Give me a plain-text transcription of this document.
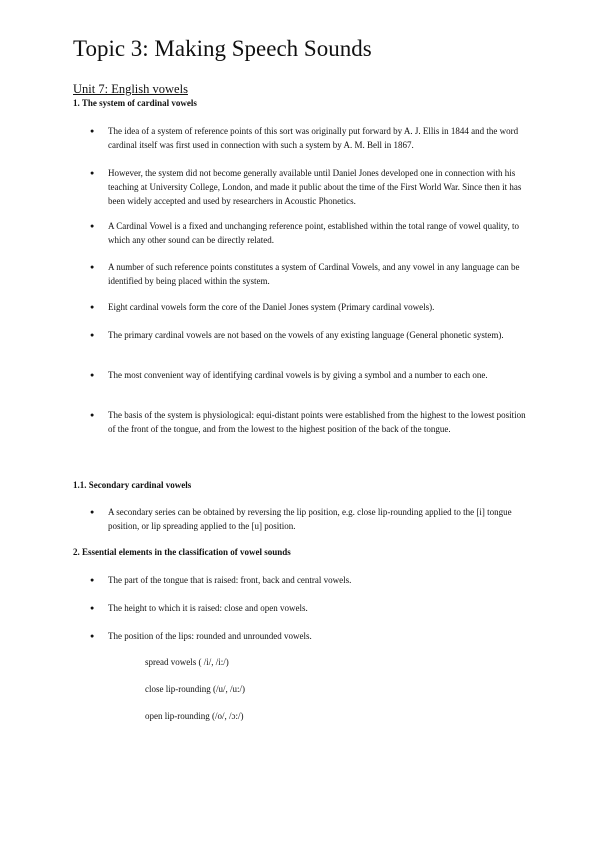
Topic 3: Making Speech Sounds
Unit 7: English vowels
1. The system of cardinal vowels
● The idea of a system of reference points of this sort was originally put forward by A. J. Ellis in 1844 and the word cardinal itself was first used in connection with such a system by A. M. Bell in 1867.
● However, the system did not become generally available until Daniel Jones developed one in connection with his teaching at University College, London, and made it public about the time of the First World War. Since then it has been widely accepted and used by researchers in Acoustic Phonetics.
● A Cardinal Vowel is a fixed and unchanging reference point, established within the total range of vowel quality, to which any other sound can be directly related.
● A number of such reference points constitutes a system of Cardinal Vowels, and any vowel in any language can be identified by being placed within the system.
● Eight cardinal vowels form the core of the Daniel Jones system (Primary cardinal vowels).
● The primary cardinal vowels are not based on the vowels of any existing language (General phonetic system).
● The most convenient way of identifying cardinal vowels is by giving a symbol and a number to each one.
● The basis of the system is physiological: equi-distant points were established from the highest to the lowest position of the front of the tongue, and from the lowest to the highest position of the back of the tongue.
1.1. Secondary cardinal vowels
● A secondary series can be obtained by reversing the lip position, e.g. close lip-rounding applied to the [i] tongue position, or lip spreading applied to the [u] position.
2. Essential elements in the classification of vowel sounds
● The part of the tongue that is raised: front, back and central vowels.
● The height to which it is raised: close and open vowels.
● The position of the lips: rounded and unrounded vowels.
spread vowels ( /i/, /i:/)
close lip-rounding (/u/, /u:/)
open lip-rounding (/o/, /ɔ:/)
